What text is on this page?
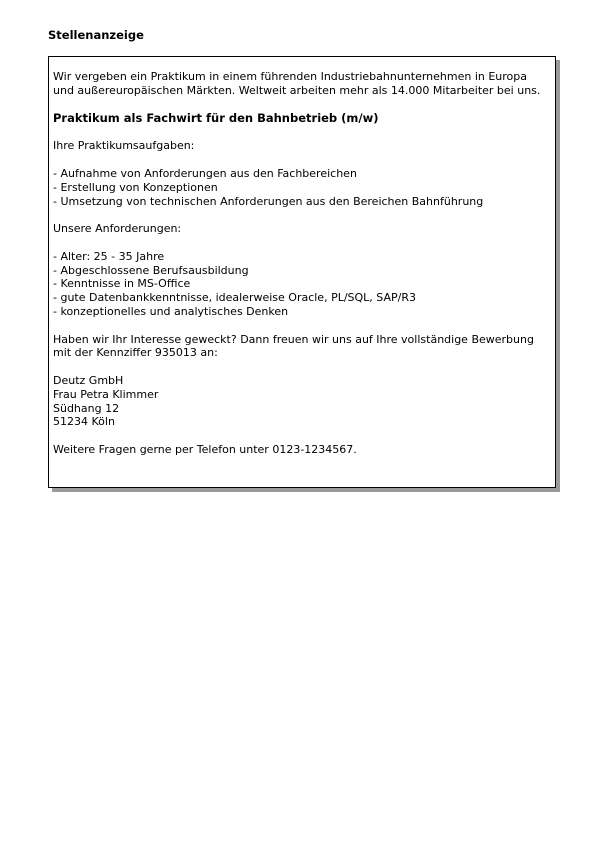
Stellenanzeige

Wir vergeben ein Praktikum in einem führenden Industriebahnunternehmen in Europa und außereuropäischen Märkten. Weltweit arbeiten mehr als 14.000 Mitarbeiter bei uns.

Praktikum als Fachwirt für den Bahnbetrieb (m/w)

Ihre Praktikumsaufgaben:

- Aufnahme von Anforderungen aus den Fachbereichen
- Erstellung von Konzeptionen
- Umsetzung von technischen Anforderungen aus den Bereichen Bahnführung

Unsere Anforderungen:

- Alter: 25 - 35 Jahre
- Abgeschlossene Berufsausbildung
- Kenntnisse in MS-Office
- gute Datenbankkenntnisse, idealerweise Oracle, PL/SQL, SAP/R3
- konzeptionelles und analytisches Denken

Haben wir Ihr Interesse geweckt? Dann freuen wir uns auf Ihre vollständige Bewerbung mit der Kennziffer 935013 an:

Deutz GmbH
Frau Petra Klimmer
Südhang 12
51234 Köln

Weitere Fragen gerne per Telefon unter 0123-1234567.
